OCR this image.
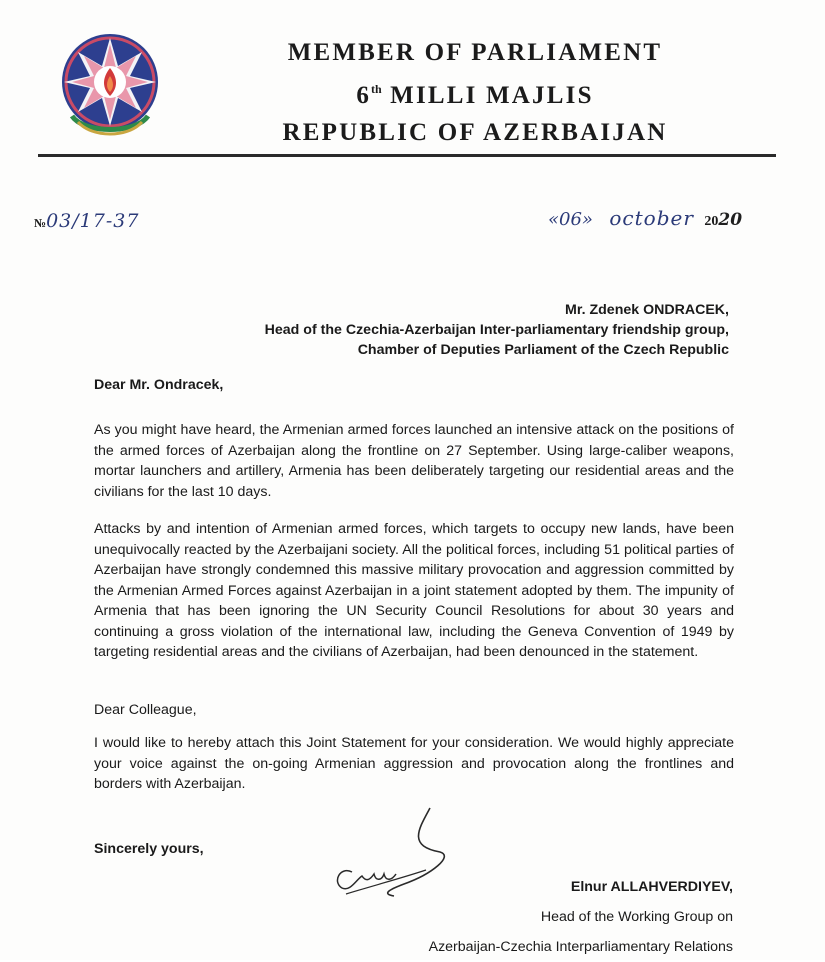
MEMBER OF PARLIAMENT
6th MILLI MAJLIS
REPUBLIC OF AZERBAIJAN
№03/17-37	«06» october 2020
Mr. Zdenek ONDRACEK,
Head of the Czechia-Azerbaijan Inter-parliamentary friendship group,
Chamber of Deputies Parliament of the Czech Republic
Dear Mr. Ondracek,
As you might have heard, the Armenian armed forces launched an intensive attack on the positions of the armed forces of Azerbaijan along the frontline on 27 September. Using large-caliber weapons, mortar launchers and artillery, Armenia has been deliberately targeting our residential areas and the civilians for the last 10 days.
Attacks by and intention of Armenian armed forces, which targets to occupy new lands, have been unequivocally reacted by the Azerbaijani society. All the political forces, including 51 political parties of Azerbaijan have strongly condemned this massive military provocation and aggression committed by the Armenian Armed Forces against Azerbaijan in a joint statement adopted by them. The impunity of Armenia that has been ignoring the UN Security Council Resolutions for about 30 years and continuing a gross violation of the international law, including the Geneva Convention of 1949 by targeting residential areas and the civilians of Azerbaijan, had been denounced in the statement.
Dear Colleague,
I would like to hereby attach this Joint Statement for your consideration. We would highly appreciate your voice against the on-going Armenian aggression and provocation along the frontlines and borders with Azerbaijan.
Sincerely yours,
Elnur ALLAHVERDIYEV,
Head of the Working Group on
Azerbaijan-Czechia Interparliamentary Relations
